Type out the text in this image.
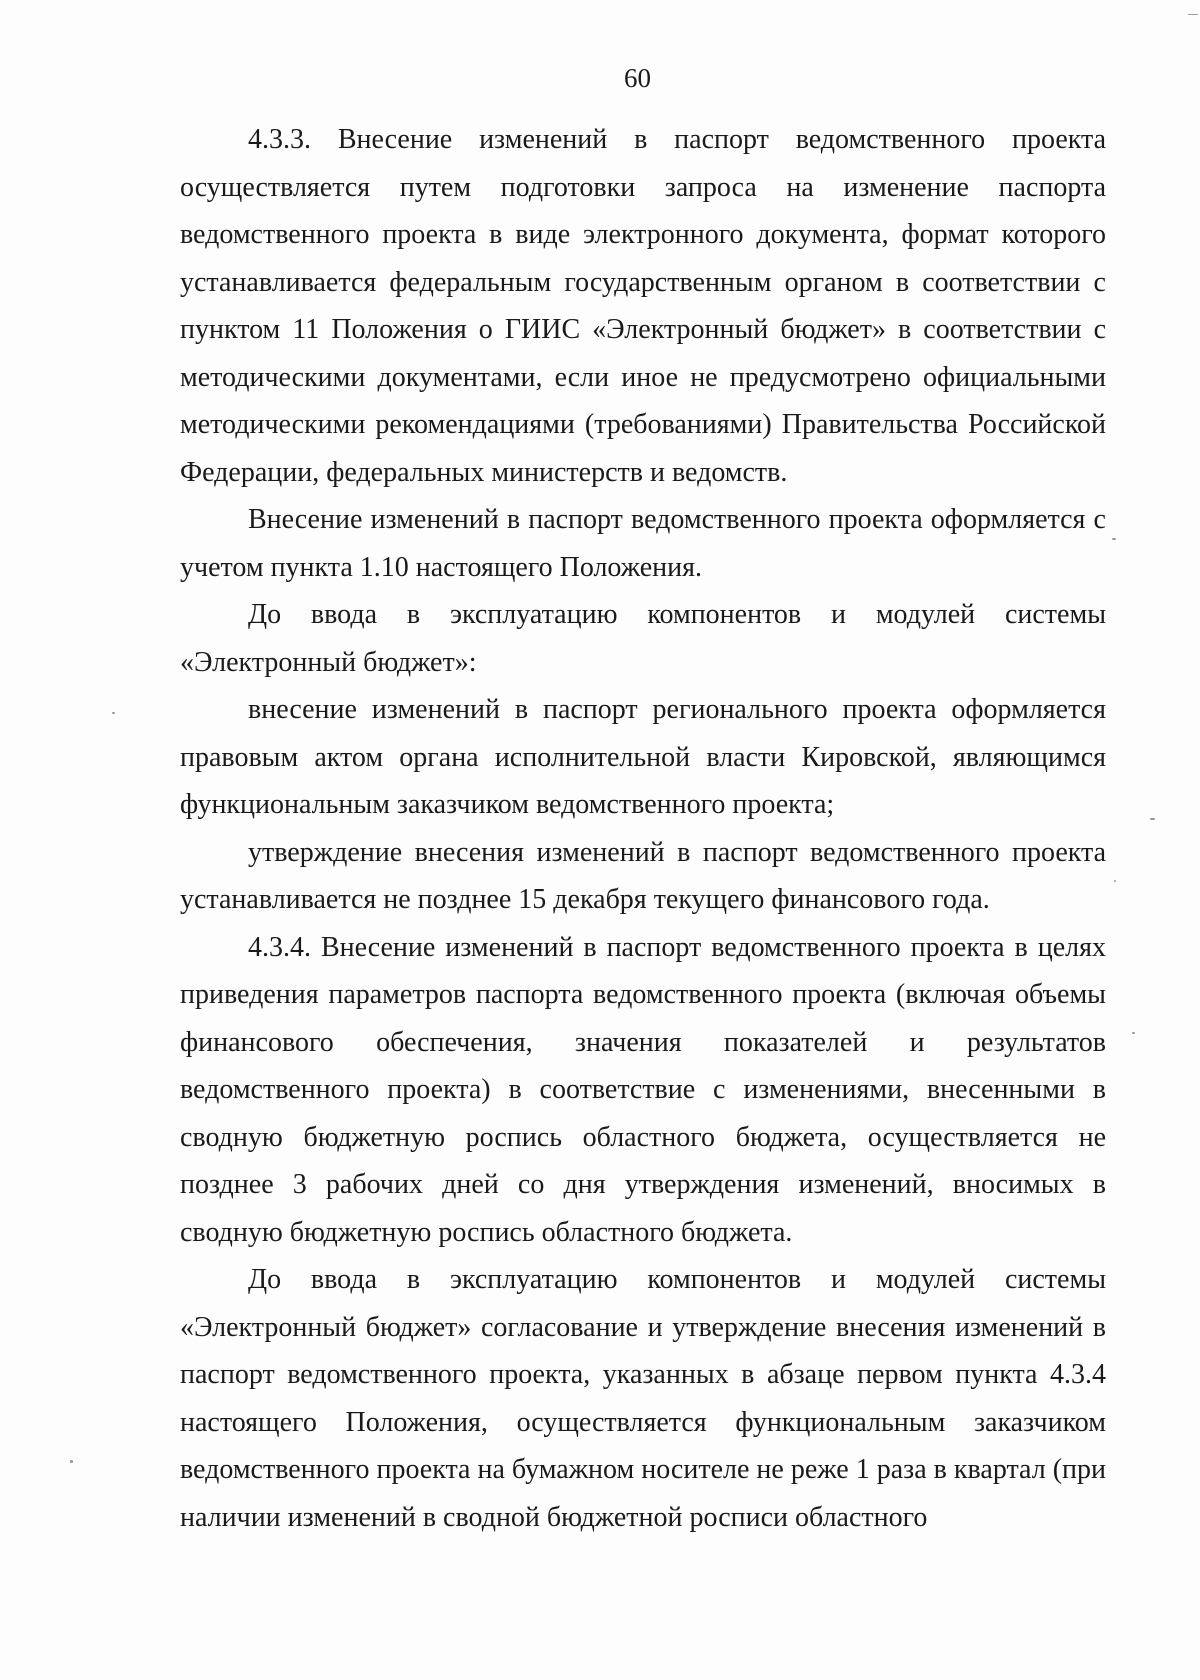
60

4.3.3. Внесение изменений в паспорт ведомственного проекта осуществляется путем подготовки запроса на изменение паспорта ведомственного проекта в виде электронного документа, формат которого устанавливается федеральным государственным органом в соответствии с пунктом 11 Положения о ГИИС «Электронный бюджет» в соответствии с методическими документами, если иное не предусмотрено официальными методическими рекомендациями (требованиями) Правительства Российской Федерации, федеральных министерств и ведомств.

Внесение изменений в паспорт ведомственного проекта оформляется с учетом пункта 1.10 настоящего Положения.

До ввода в эксплуатацию компонентов и модулей системы «Электронный бюджет»:

внесение изменений в паспорт регионального проекта оформляется правовым актом органа исполнительной власти Кировской, являющимся функциональным заказчиком ведомственного проекта;

утверждение внесения изменений в паспорт ведомственного проекта устанавливается не позднее 15 декабря текущего финансового года.

4.3.4. Внесение изменений в паспорт ведомственного проекта в целях приведения параметров паспорта ведомственного проекта (включая объемы финансового обеспечения, значения показателей и результатов ведомственного проекта) в соответствие с изменениями, внесенными в сводную бюджетную роспись областного бюджета, осуществляется не позднее 3 рабочих дней со дня утверждения изменений, вносимых в сводную бюджетную роспись областного бюджета.

До ввода в эксплуатацию компонентов и модулей системы «Электронный бюджет» согласование и утверждение внесения изменений в паспорт ведомственного проекта, указанных в абзаце первом пункта 4.3.4 настоящего Положения, осуществляется функциональным заказчиком ведомственного проекта на бумажном носителе не реже 1 раза в квартал (при наличии изменений в сводной бюджетной росписи областного
